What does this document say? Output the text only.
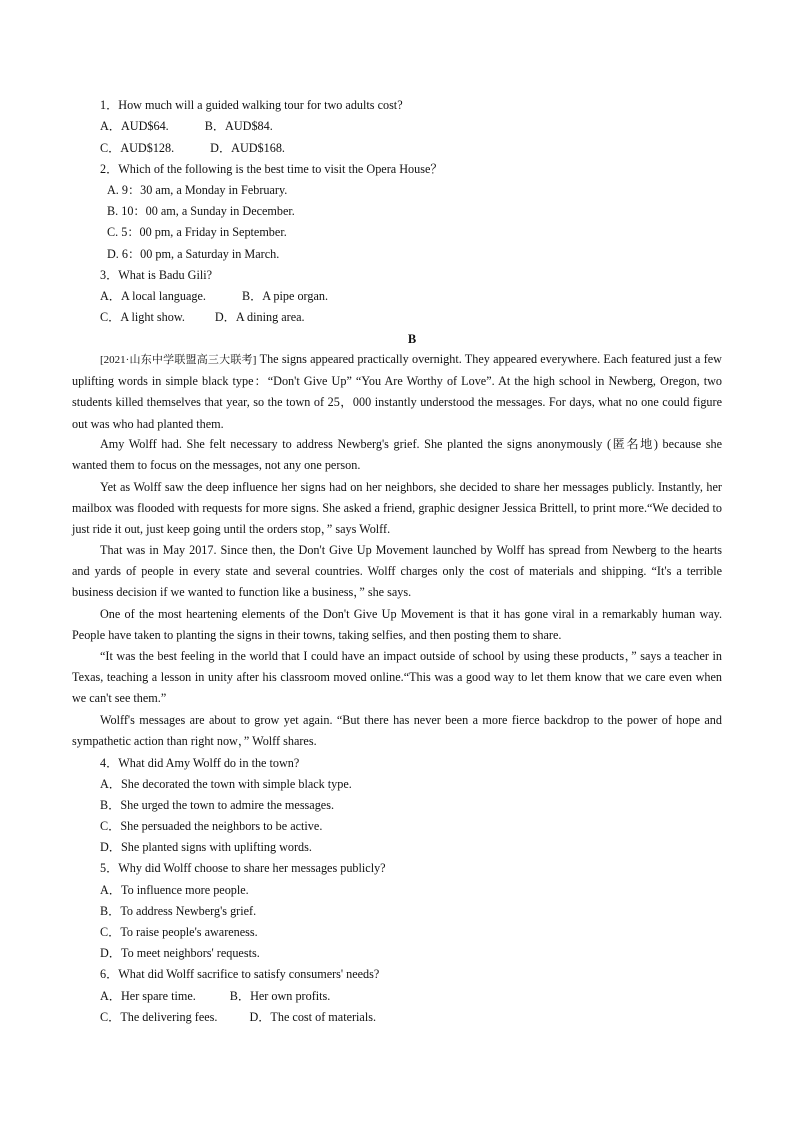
1．How much will a guided walking tour for two adults cost?
A．AUD$64.	B．AUD$84.
C．AUD$128.	D．AUD$168.
2．Which of the following is the best time to visit the Opera House？
A. 9：30 am, a Monday in February.
B. 10：00 am, a Sunday in December.
C. 5：00 pm, a Friday in September.
D. 6：00 pm, a Saturday in March.
3．What is Badu Gili?
A．A local language.	B．A pipe organ.
C．A light show. D．A dining area.
B

[2021·山东中学联盟高三大联考] The signs appeared practically overnight. They appeared everywhere. Each featured just a few uplifting words in simple black type：“Don't Give Up” “You Are Worthy of Love”. At the high school in Newberg, Oregon, two students killed themselves that year, so the town of 25，000 instantly understood the messages. For days, what no one could figure out was who had planted them.

Amy Wolff had. She felt necessary to address Newberg's grief. She planted the signs anonymously (匿名地) because she wanted them to focus on the messages, not any one person.

Yet as Wolff saw the deep influence her signs had on her neighbors, she decided to share her messages publicly. Instantly, her mailbox was flooded with requests for more signs. She asked a friend, graphic designer Jessica Brittell, to print more.“We decided to just ride it out, just keep going until the orders stop，” says Wolff.

That was in May 2017. Since then, the Don't Give Up Movement launched by Wolff has spread from Newberg to the hearts and yards of people in every state and several countries. Wolff charges only the cost of materials and shipping. “It's a terrible business decision if we wanted to function like a business，” she says.

One of the most heartening elements of the Don't Give Up Movement is that it has gone viral in a remarkably human way. People have taken to planting the signs in their towns, taking selfies, and then posting them to share.

“It was the best feeling in the world that I could have an impact outside of school by using these products，” says a teacher in Texas, teaching a lesson in unity after his classroom moved online.“This was a good way to let them know that we care even when we can't see them.”

Wolff's messages are about to grow yet again. “But there has never been a more fierce backdrop to the power of hope and sympathetic action than right now，” Wolff shares.

4．What did Amy Wolff do in the town?
A．She decorated the town with simple black type.
B．She urged the town to admire the messages.
C．She persuaded the neighbors to be active.
D．She planted signs with uplifting words.
5．Why did Wolff choose to share her messages publicly?
A．To influence more people.
B．To address Newberg's grief.
C．To raise people's awareness.
D．To meet neighbors' requests.
6．What did Wolff sacrifice to satisfy consumers' needs?
A．Her spare time.	B．Her own profits.
C．The delivering fees.	D．The cost of materials.
